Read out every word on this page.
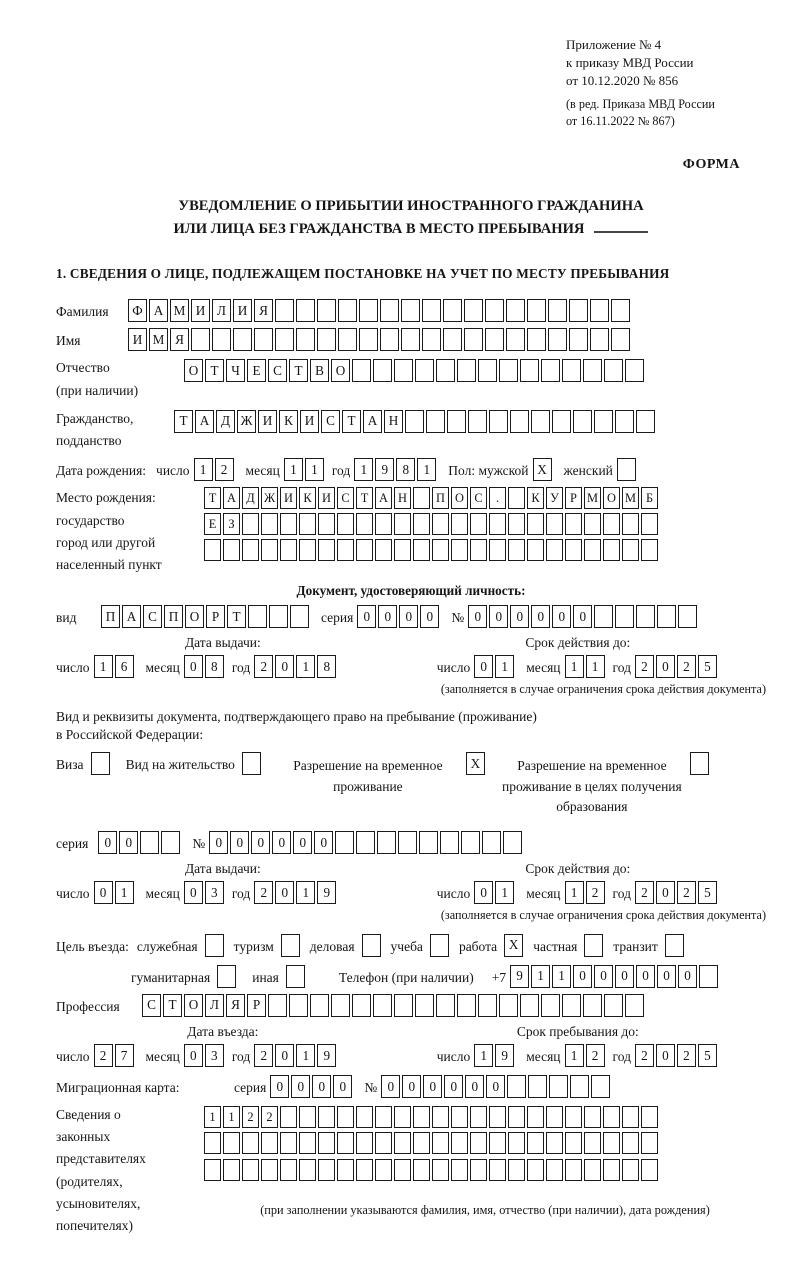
Приложение № 4
к приказу МВД России
от 10.12.2020 № 856
(в ред. Приказа МВД России
от 16.11.2022 № 867)
ФОРМА
УВЕДОМЛЕНИЕ О ПРИБЫТИИ ИНОСТРАННОГО ГРАЖДАНИНА
ИЛИ ЛИЦА БЕЗ ГРАЖДАНСТВА В МЕСТО ПРЕБЫВАНИЯ
1. СВЕДЕНИЯ О ЛИЦЕ, ПОДЛЕЖАЩЕМ ПОСТАНОВКЕ НА УЧЕТ ПО МЕСТУ ПРЕБЫВАНИЯ
Фамилия	Ф А М И Л И Я
Имя	И М Я
Отчество
(при наличии)
О Т Ч Е С Т В О
Гражданство,
подданство
Т А Д Ж И К И С Т А Н
Дата рождения: число 1	2	месяц 1	1	год 1	9	8	1	Пол: мужской X	женский
Место рождения:
государство
город или другой
населенный пункт
Т А Д Ж И К И С Т А Н	П О С	.	К У Р М О М Б

Е З

Документ, удостоверяющий личность:
вид	П А С П О Р	Т	серия 0	0	0	0	№ 0	0	0	0	0	0
Дата выдачи:
число 1	6	месяц 0	8	год 2	0	1	8
Срок действия до:
число 0	1	месяц 1	1	год 2	0	2	5
(заполняется в случае ограничения срока действия документа)
Вид и реквизиты документа, подтверждающего право на пребывание (проживание)
в Российской Федерации:
Виза	Вид на жительство	Разрешение на временное проживание
X	Разрешение на временное проживание в целях получения образования
серия	0	0	№ 0	0	0	0	0	0
Дата выдачи:
число 0	1	месяц 0	3	год 2	0	1	9
Срок действия до:
число 0	1	месяц 1	2	год 2	0	2	5
(заполняется в случае ограничения срока действия документа)
Цель въезда: служебная	туризм	деловая	учеба	работа X	частная	транзит
гуманитарная	иная	Телефон (при наличии) +7 9	1	1	0	0	0	0	0	0
Профессия	С Т О Л Я Р
Дата въезда:
число 2	7	месяц 0	3	год 2	0	1	9
Срок пребывания до:
число 1	9	месяц 1	2	год 2	0	2	5
Миграционная карта:	серия 0	0	0	0	№ 0	0	0	0	0	0
Сведения о
законных
представителях
(родителях,
усыновителях,
попечителях)
1	1	2	2

(при заполнении указываются фамилия, имя, отчество (при наличии), дата рождения)
